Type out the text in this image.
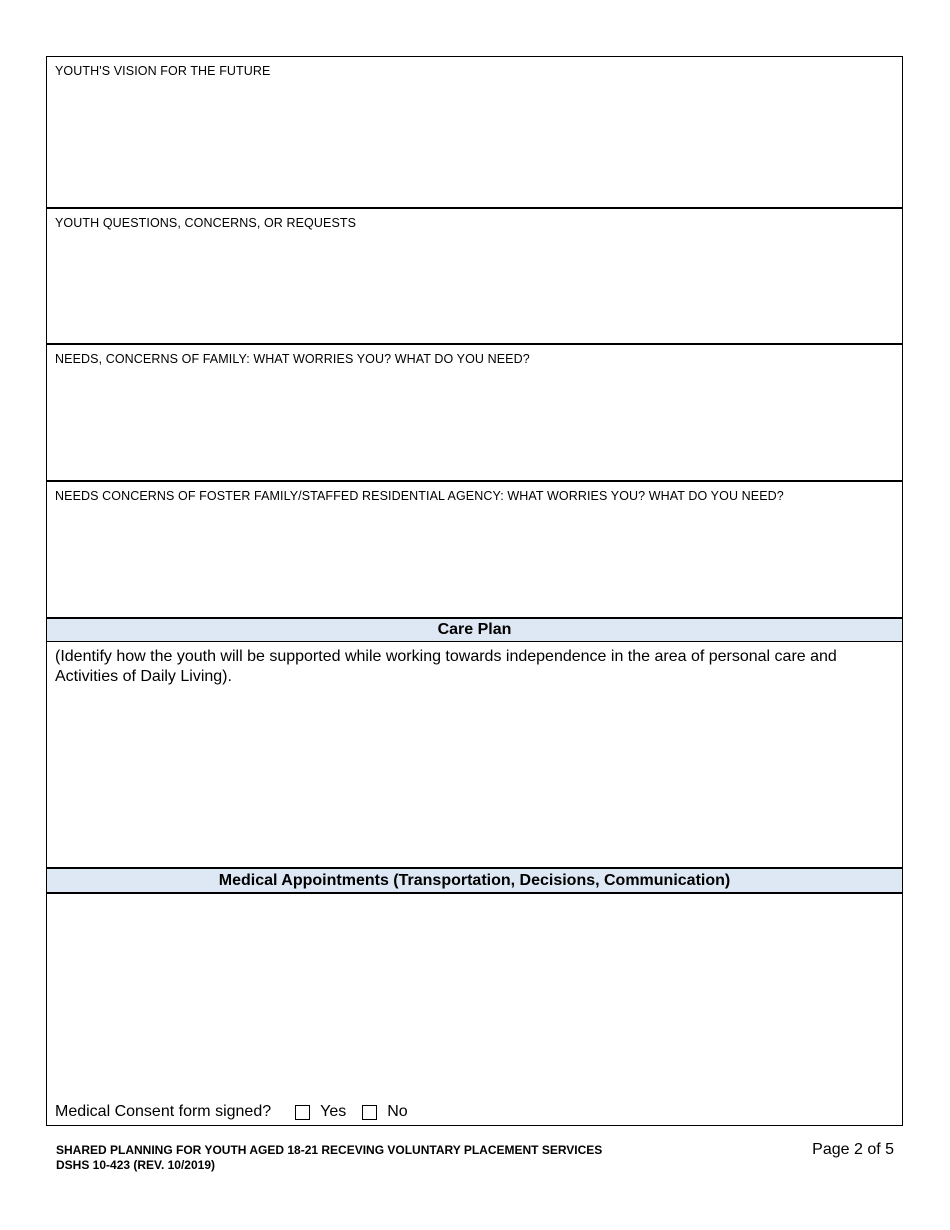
YOUTH'S VISION FOR THE FUTURE
YOUTH QUESTIONS, CONCERNS, OR REQUESTS
NEEDS, CONCERNS OF FAMILY: WHAT WORRIES YOU? WHAT DO YOU NEED?
NEEDS CONCERNS OF FOSTER FAMILY/STAFFED RESIDENTIAL AGENCY: WHAT WORRIES YOU? WHAT DO YOU NEED?
Care Plan
(Identify how the youth will be supported while working towards independence in the area of personal care and Activities of Daily Living).
Medical Appointments (Transportation, Decisions, Communication)
Medical Consent form signed?	Yes	No
SHARED PLANNING FOR YOUTH AGED 18-21 RECEVING VOLUNTARY PLACEMENT SERVICES
DSHS 10-423 (REV. 10/2019)
Page 2 of 5
